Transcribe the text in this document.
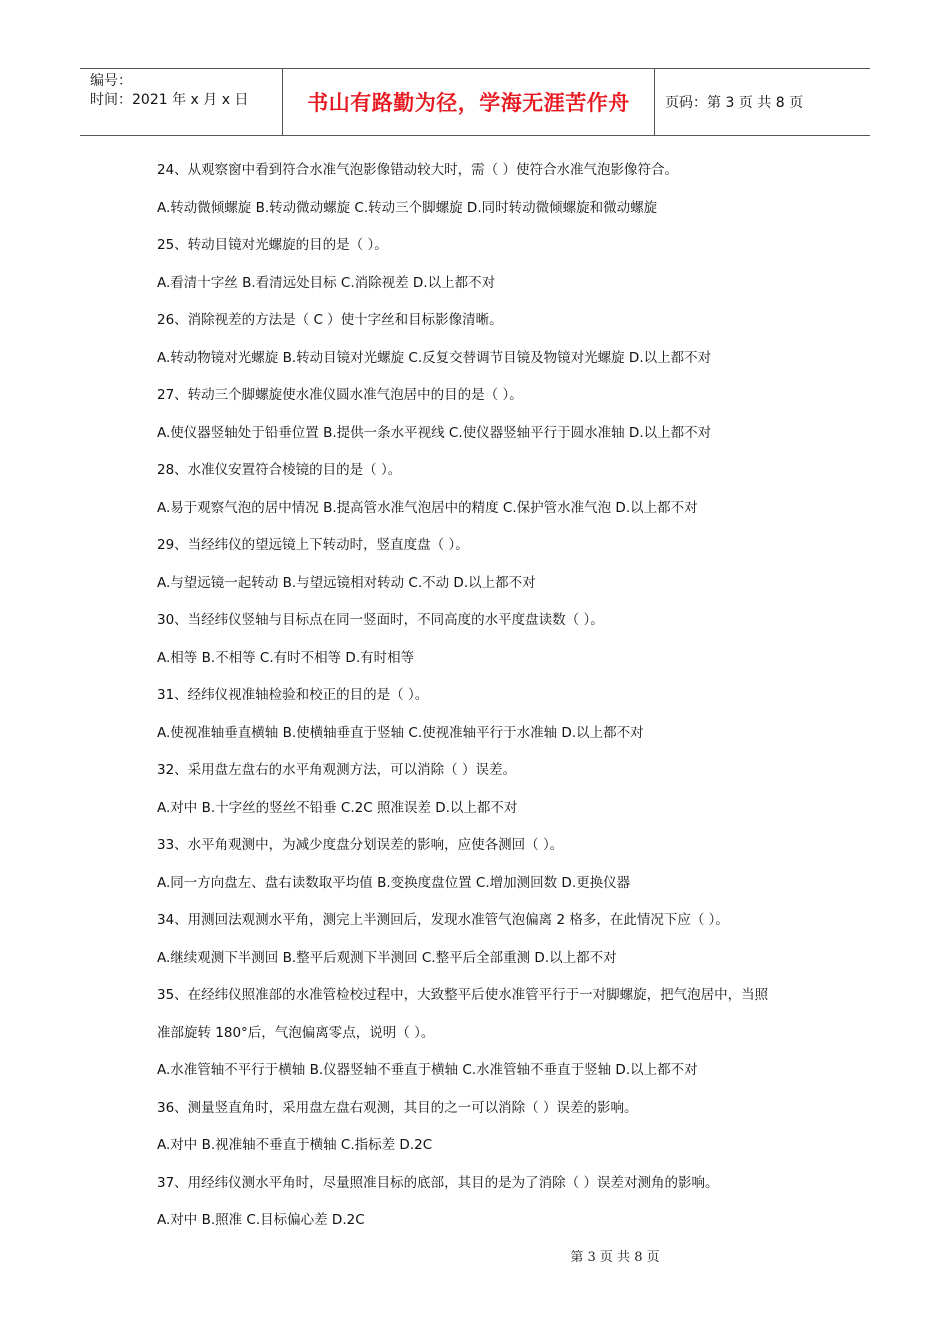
编号：
时间：2021 年 x 月 x 日	书山有路勤为径，学海无涯苦作舟	页码：第 3 页 共 8 页
24、从观察窗中看到符合水准气泡影像错动较大时，需（ ）使符合水准气泡影像符合。
A.转动微倾螺旋 B.转动微动螺旋 C.转动三个脚螺旋 D.同时转动微倾螺旋和微动螺旋
25、转动目镜对光螺旋的目的是（ ）。
A.看清十字丝 B.看清远处目标 C.消除视差 D.以上都不对
26、消除视差的方法是（ C ）使十字丝和目标影像清晰。
A.转动物镜对光螺旋 B.转动目镜对光螺旋 C.反复交替调节目镜及物镜对光螺旋 D.以上都不对
27、转动三个脚螺旋使水准仪圆水准气泡居中的目的是（ ）。
A.使仪器竖轴处于铅垂位置 B.提供一条水平视线 C.使仪器竖轴平行于圆水准轴 D.以上都不对
28、水准仪安置符合棱镜的目的是（ ）。
A.易于观察气泡的居中情况 B.提高管水准气泡居中的精度 C.保护管水准气泡 D.以上都不对
29、当经纬仪的望远镜上下转动时，竖直度盘（ ）。
A.与望远镜一起转动 B.与望远镜相对转动 C.不动 D.以上都不对
30、当经纬仪竖轴与目标点在同一竖面时，不同高度的水平度盘读数（ ）。
A.相等 B.不相等 C.有时不相等 D.有时相等
31、经纬仪视准轴检验和校正的目的是（ ）。
A.使视准轴垂直横轴 B.使横轴垂直于竖轴 C.使视准轴平行于水准轴 D.以上都不对
32、采用盘左盘右的水平角观测方法，可以消除（ ）误差。
A.对中 B.十字丝的竖丝不铅垂 C.2C 照准误差 D.以上都不对
33、水平角观测中，为减少度盘分划误差的影响，应使各测回（ ）。
A.同一方向盘左、盘右读数取平均值 B.变换度盘位置 C.增加测回数 D.更换仪器
34、用测回法观测水平角，测完上半测回后，发现水准管气泡偏离 2 格多，在此情况下应（ ）。
A.继续观测下半测回 B.整平后观测下半测回 C.整平后全部重测 D.以上都不对
35、在经纬仪照准部的水准管检校过程中，大致整平后使水准管平行于一对脚螺旋，把气泡居中，当照
准部旋转 180°后，气泡偏离零点，说明（ ）。
A.水准管轴不平行于横轴 B.仪器竖轴不垂直于横轴 C.水准管轴不垂直于竖轴 D.以上都不对
36、测量竖直角时，采用盘左盘右观测，其目的之一可以消除（ ）误差的影响。
A.对中 B.视准轴不垂直于横轴 C.指标差 D.2C
37、用经纬仪测水平角时，尽量照准目标的底部，其目的是为了消除（ ）误差对测角的影响。
A.对中 B.照准 C.目标偏心差 D.2C
第 3 页 共 8 页
